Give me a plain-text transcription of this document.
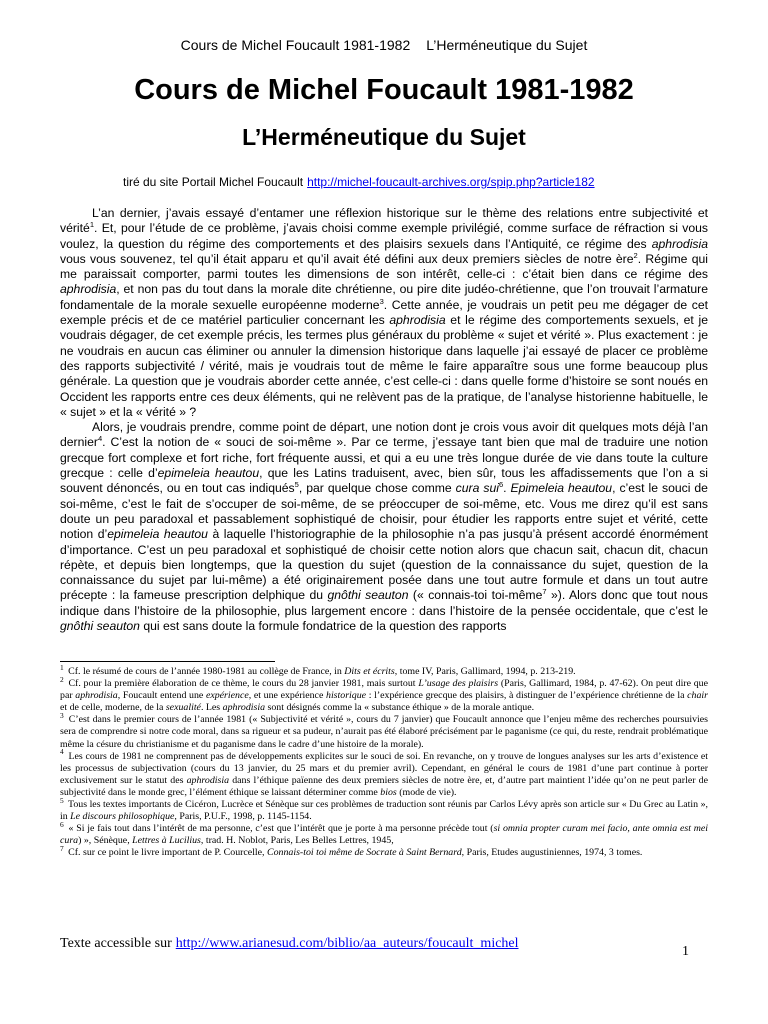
Cours de Michel Foucault 1981-1982 L’Herméneutique du Sujet
Cours de Michel Foucault 1981-1982
L’Herméneutique du Sujet
tiré du site Portail Michel Foucault http://michel-foucault-archives.org/spip.php?article182

L’an dernier, j’avais essayé d’entamer une réflexion historique sur le thème des relations entre subjectivité et vérité$^1$. Et, pour l’étude de ce problème, j’avais choisi comme exemple privilégié, comme surface de réfraction si vous voulez, la question du régime des comportements et des plaisirs sexuels dans l’Antiquité, ce régime des aphrodisia vous vous souvenez, tel qu’il était apparu et qu’il avait été défini aux deux premiers siècles de notre ère$^2$. Régime qui me paraissait comporter, parmi toutes les dimensions de son intérêt, celle-ci : c’était bien dans ce régime des aphrodisia, et non pas du tout dans la morale dite chrétienne, ou pire dite judéo-chrétienne, que l’on trouvait l’armature fondamentale de la morale sexuelle européenne moderne$^3$. Cette année, je voudrais un petit peu me dégager de cet exemple précis et de ce matériel particulier concernant les aphrodisia et le régime des comportements sexuels, et je voudrais dégager, de cet exemple précis, les termes plus généraux du problème « sujet et vérité ». Plus exactement : je ne voudrais en aucun cas éliminer ou annuler la dimension historique dans laquelle j’ai essayé de placer ce problème des rapports subjectivité / vérité, mais je voudrais tout de même le faire apparaître sous une forme beaucoup plus générale. La question que je voudrais aborder cette année, c’est celle-ci : dans quelle forme d’histoire se sont noués en Occident les rapports entre ces deux éléments, qui ne relèvent pas de la pratique, de l’analyse historienne habituelle, le « sujet » et la « vérité » ?

Alors, je voudrais prendre, comme point de départ, une notion dont je crois vous avoir dit quelques mots déjà l’an dernier$^4$. C’est la notion de « souci de soi-même ». Par ce terme, j’essaye tant bien que mal de traduire une notion grecque fort complexe et fort riche, fort fréquente aussi, et qui a eu une très longue durée de vie dans toute la culture grecque : celle d’epimeleia heautou, que les Latins traduisent, avec, bien sûr, tous les affadissements que l’on a si souvent dénoncés, ou en tout cas indiqués$^5$, par quelque chose comme cura sui$^6$. Epimeleia heautou, c’est le souci de soi-même, c’est le fait de s’occuper de soi-même, de se préoccuper de soi-même, etc. Vous me direz qu’il est sans doute un peu paradoxal et passablement sophistiqué de choisir, pour étudier les rapports entre sujet et vérité, cette notion d’epimeleia heautou à laquelle l’historiographie de la philosophie n’a pas jusqu’à présent accordé énormément d’importance. C’est un peu paradoxal et sophistiqué de choisir cette notion alors que chacun sait, chacun dit, chacun répète, et depuis bien longtemps, que la question du sujet (question de la connaissance du sujet, question de la connaissance du sujet par lui-même) a été originairement posée dans une tout autre formule et dans un tout autre précepte : la fameuse prescription delphique du gnôthi seauton (« connais-toi toi-même$^7$ »). Alors donc que tout nous indique dans l’histoire de la philosophie, plus largement encore : dans l’histoire de la pensée occidentale, que c’est le gnôthi seauton qui est sans doute la formule fondatrice de la question des rapports

$^1$ Cf. le résumé de cours de l’année 1980-1981 au collège de France, in Dits et écrits, tome IV, Paris, Gallimard, 1994, p. 213-219.

$^2$ Cf. pour la première élaboration de ce thème, le cours du 28 janvier 1981, mais surtout L’usage des plaisirs (Paris, Gallimard, 1984, p. 47-62). On peut dire que par aphrodisia, Foucault entend une expérience, et une expérience historique : l’expérience grecque des plaisirs, à distinguer de l’expérience chrétienne de la chair et de celle, moderne, de la sexualité. Les aphrodisia sont désignés comme la « substance éthique » de la morale antique.

$^3$ C’est dans le premier cours de l’année 1981 (« Subjectivité et vérité », cours du 7 janvier) que Foucault annonce que l’enjeu même des recherches poursuivies sera de comprendre si notre code moral, dans sa rigueur et sa pudeur, n’aurait pas été élaboré précisément par le paganisme (ce qui, du reste, rendrait problématique même la césure du christianisme et du paganisme dans le cadre d’une histoire de la morale).

$^4$ Les cours de 1981 ne comprennent pas de développements explicites sur le souci de soi. En revanche, on y trouve de longues analyses sur les arts d’existence et les processus de subjectivation (cours du 13 janvier, du 25 mars et du premier avril). Cependant, en général le cours de 1981 d’une part continue à porter exclusivement sur le statut des aphrodisia dans l’éthique païenne des deux premiers siècles de notre ère, et, d’autre part maintient l’idée qu’on ne peut parler de subjectivité dans le monde grec, l’élément éthique se laissant déterminer comme bios (mode de vie).

$^5$ Tous les textes importants de Cicéron, Lucrèce et Sénèque sur ces problèmes de traduction sont réunis par Carlos Lévy après son article sur « Du Grec au Latin », in Le discours philosophique, Paris, P.U.F., 1998, p. 1145-1154.

$^6$ « Si je fais tout dans l’intérêt de ma personne, c’est que l’intérêt que je porte à ma personne précède tout (si omnia propter curam mei facio, ante omnia est mei cura) », Sénèque, Lettres à Lucilius, trad. H. Noblot, Paris, Les Belles Lettres, 1945,

$^7$ Cf. sur ce point le livre important de P. Courcelle, Connais-toi toi même de Socrate à Saint Bernard, Paris, Etudes augustiniennes, 1974, 3 tomes.

Texte accessible sur http://www.arianesud.com/biblio/aa_auteurs/foucault_michel
1
